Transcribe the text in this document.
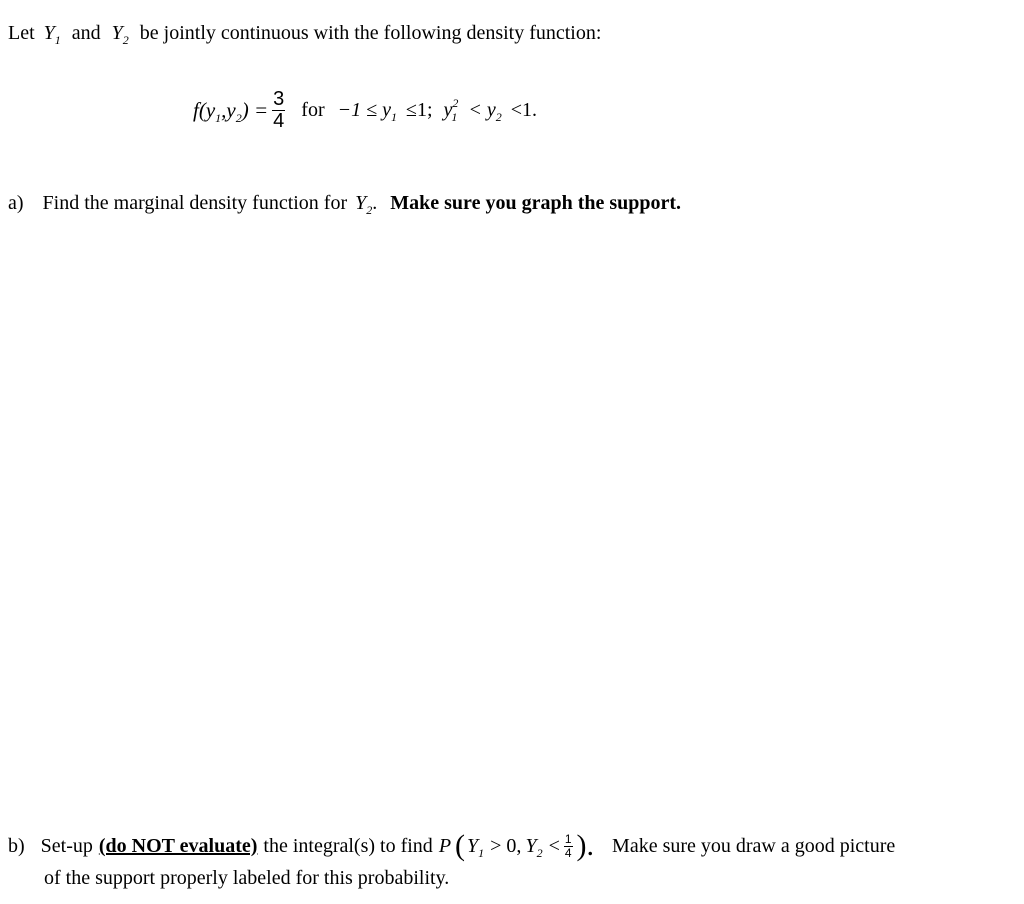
Let $Y_1$ and $Y_2$ be jointly continuous with the following density function:
$f(y_1,y_2) = \frac{3}{4}$ for $-1 \le y_1 \le 1$; $y^2_1 < y_2 <1$.
a) Find the marginal density function for $Y_2$. Make sure you graph the support.
b) Set-up (do NOT evaluate) the integral(s) to find P ( $Y_1 > 0$, $Y_2 < \frac{1}{4}$ ). Make sure you draw a good picture
of the support properly labeled for this probability.
